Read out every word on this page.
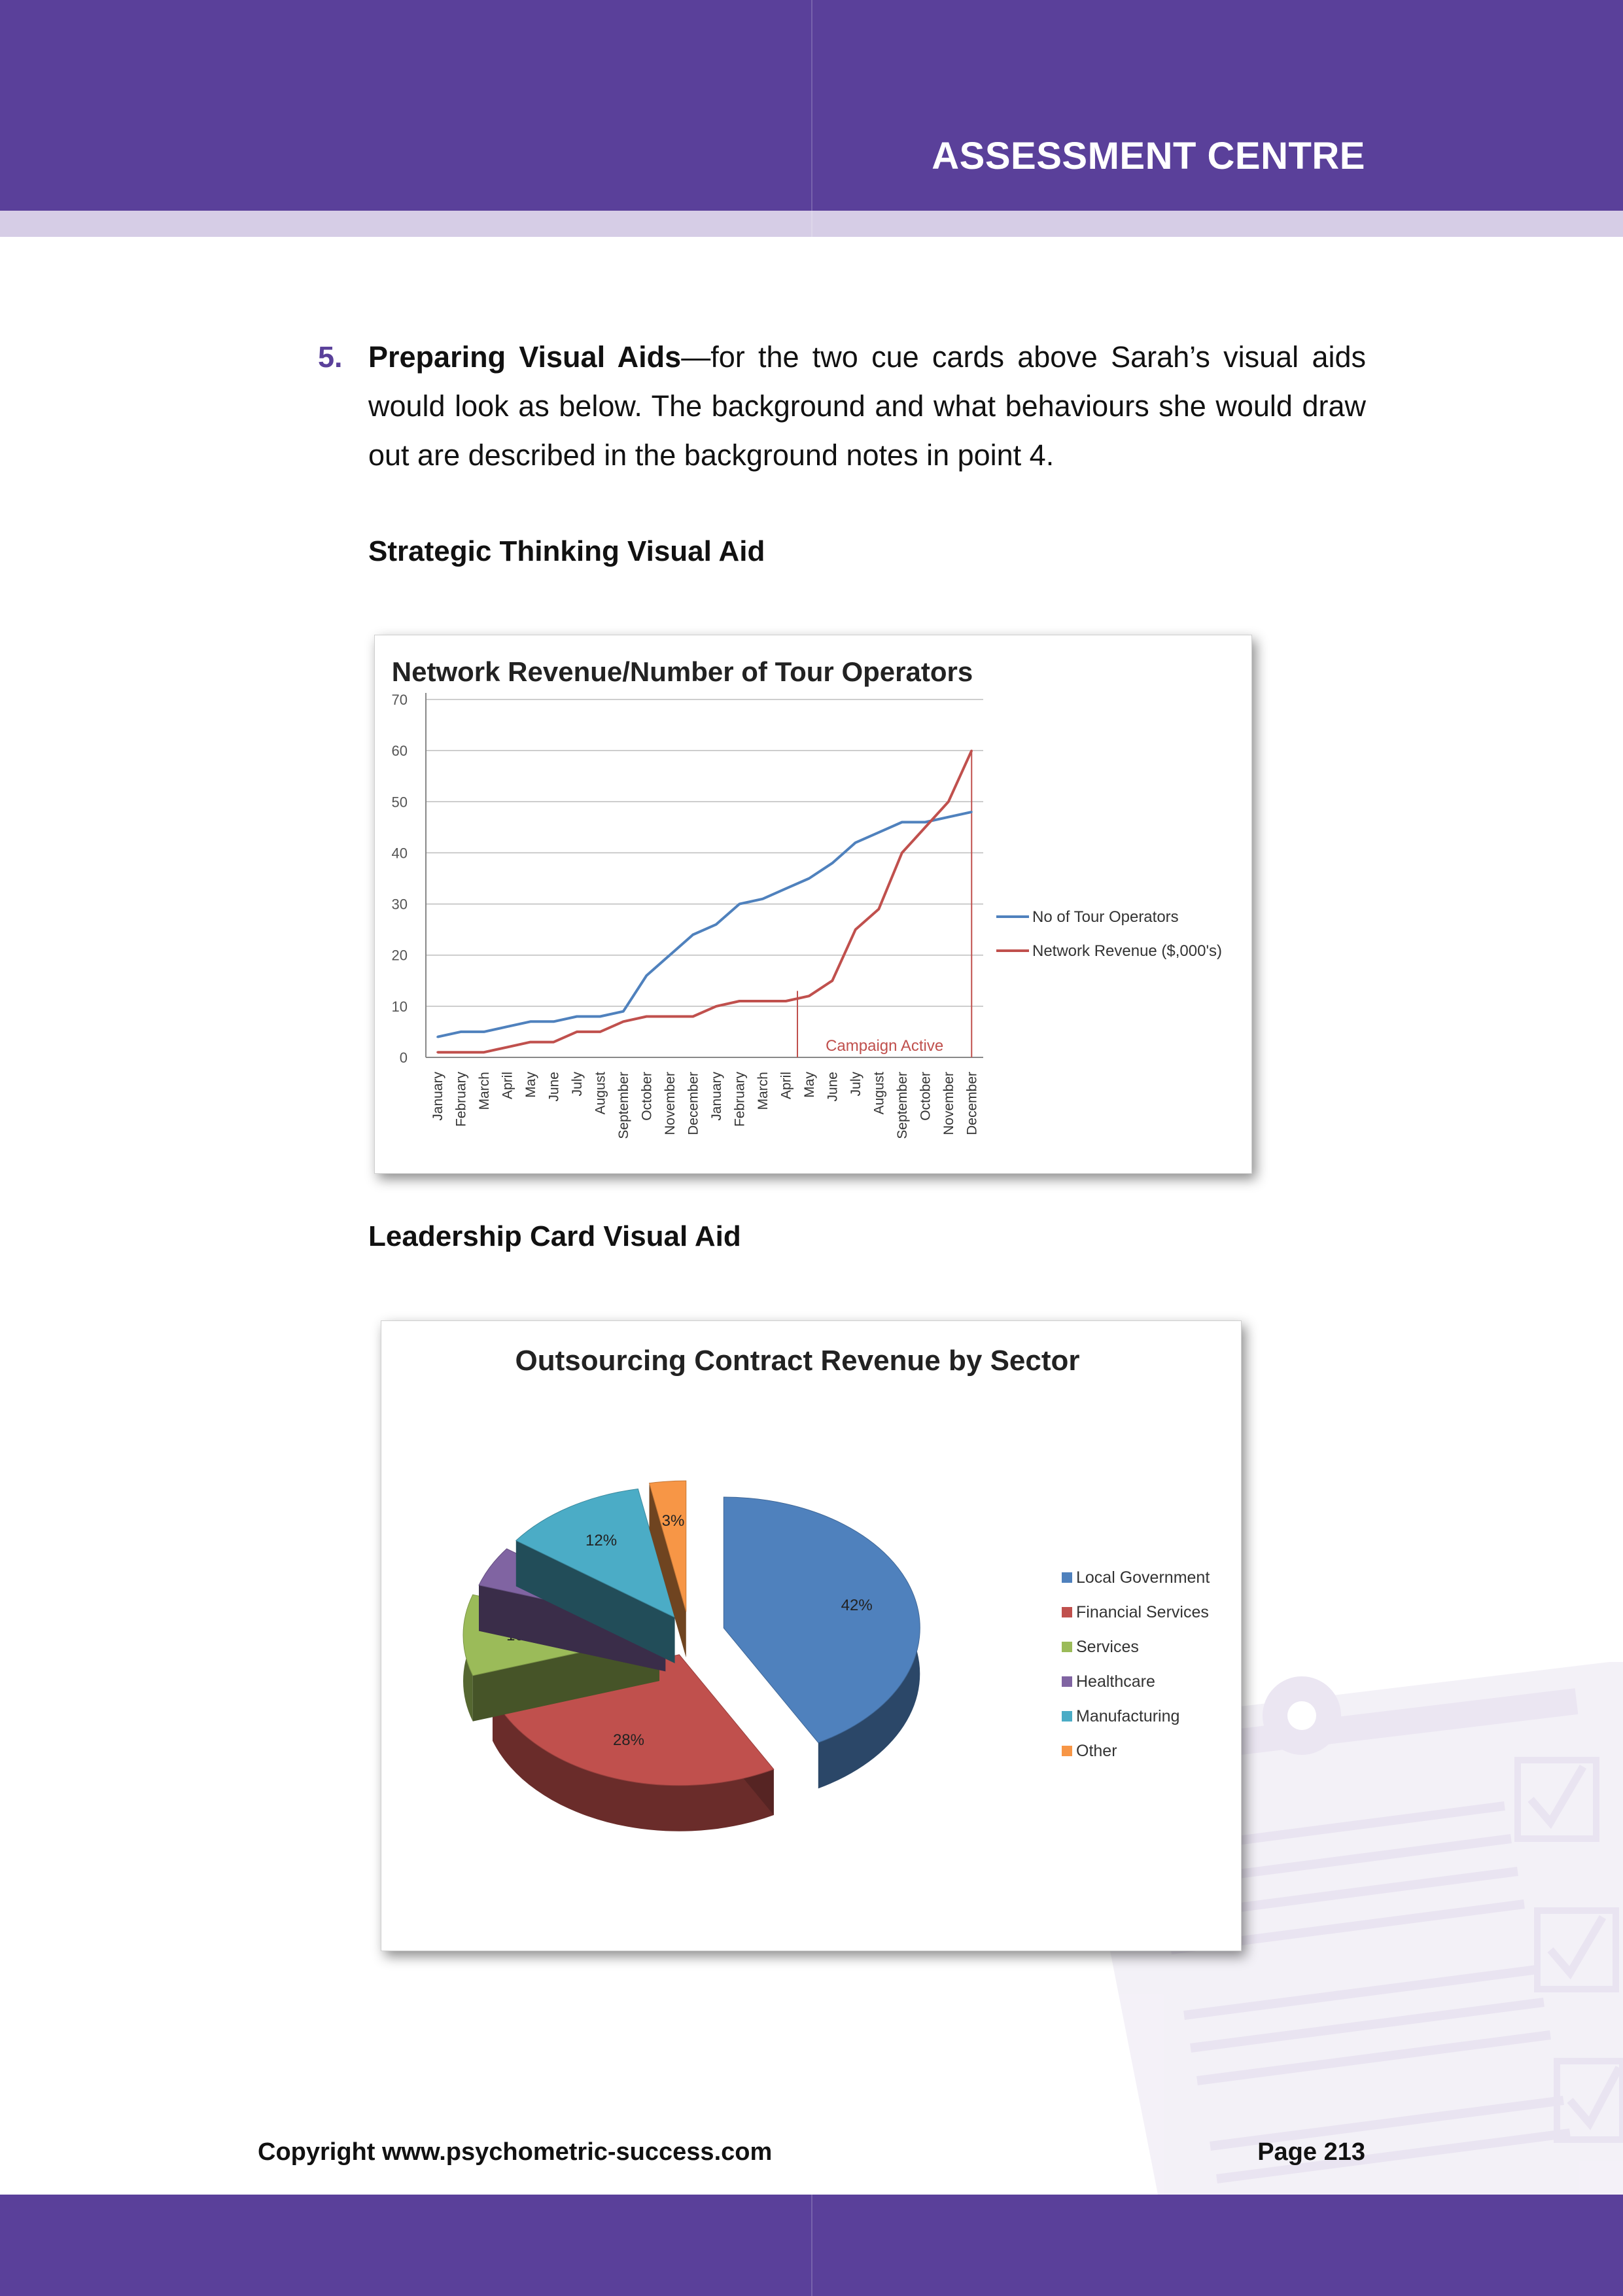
ASSESSMENT CENTRE
5. Preparing Visual Aids—for the two cue cards above Sarah’s visual aids would look as below. The background and what behaviours she would draw out are described in the background notes in point 4.
Strategic Thinking Visual Aid
Network Revenue/Number of Tour Operators
0
10
20
30
40
50
60
70
January February March April May June July August September October November December January February March April May June July August September October November December
Campaign Active
No of Tour Operators
Network Revenue ($,000's)
Leadership Card Visual Aid
Outsourcing Contract Revenue by Sector
42%
28%
12%
3%
Local Government
Financial Services
Services
Healthcare
Manufacturing
Other
Copyright www.psychometric-success.com	Page 213
